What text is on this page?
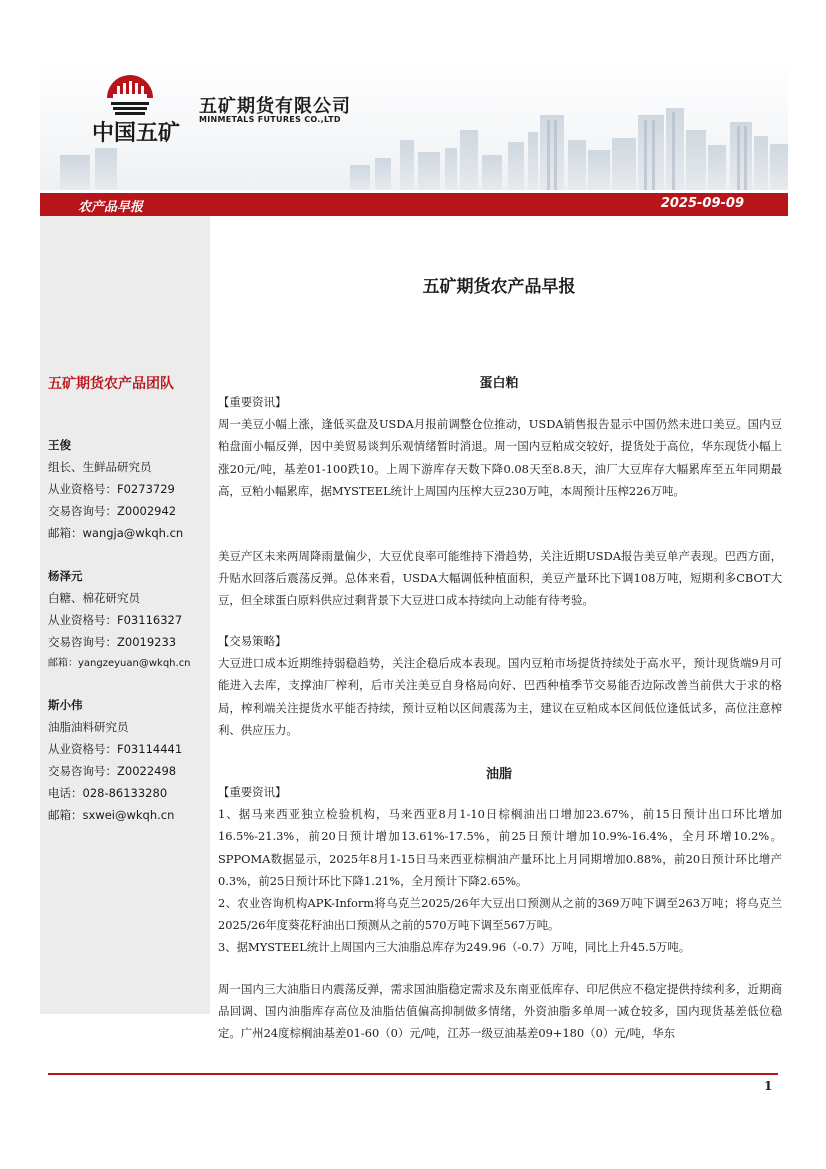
中国五矿
五矿期货有限公司
MINMETALS FUTURES CO.,LTD
农产品早报	2025-09-09
五矿期货农产品团队
王俊
组长、生鲜品研究员
从业资格号：F0273729
交易咨询号：Z0002942
邮箱：wangja@wkqh.cn
杨泽元
白糖、棉花研究员
从业资格号：F03116327
交易咨询号：Z0019233
邮箱：yangzeyuan@wkqh.cn
斯小伟
油脂油料研究员
从业资格号：F03114441
交易咨询号：Z0022498
电话：028-86133280
邮箱：sxwei@wkqh.cn
五矿期货农产品早报
蛋白粕

【重要资讯】

周一美豆小幅上涨，逢低买盘及USDA月报前调整仓位推动，USDA销售报告显示中国仍然未进口美豆。国内豆粕盘面小幅反弹，因中美贸易谈判乐观情绪暂时消退。周一国内豆粕成交较好，提货处于高位，华东现货小幅上涨20元/吨，基差01-100跌10。上周下游库存天数下降0.08天至8.8天，油厂大豆库存大幅累库至五年同期最高，豆粕小幅累库，据MYSTEEL统计上周国内压榨大豆230万吨，本周预计压榨226万吨。

美豆产区未来两周降雨量偏少，大豆优良率可能维持下滑趋势，关注近期USDA报告美豆单产表现。巴西方面，升贴水回落后震荡反弹。总体来看，USDA大幅调低种植面积，美豆产量环比下调108万吨，短期利多CBOT大豆，但全球蛋白原料供应过剩背景下大豆进口成本持续向上动能有待考验。

【交易策略】

大豆进口成本近期维持弱稳趋势，关注企稳后成本表现。国内豆粕市场提货持续处于高水平，预计现货端9月可能进入去库，支撑油厂榨利，后市关注美豆自身格局向好、巴西种植季节交易能否边际改善当前供大于求的格局，榨利端关注提货水平能否持续，预计豆粕以区间震荡为主，建议在豆粕成本区间低位逢低试多，高位注意榨利、供应压力。

油脂

【重要资讯】

1、据马来西亚独立检验机构，马来西亚8月1-10日棕榈油出口增加23.67%，前15日预计出口环比增加16.5%-21.3%，前20日预计增加13.61%-17.5%，前25日预计增加10.9%-16.4%，全月环增10.2%。SPPOMA数据显示，2025年8月1-15日马来西亚棕榈油产量环比上月同期增加0.88%，前20日预计环比增产0.3%，前25日预计环比下降1.21%，全月预计下降2.65%。

2、农业咨询机构APK-Inform将乌克兰2025/26年大豆出口预测从之前的369万吨下调至263万吨；将乌克兰2025/26年度葵花籽油出口预测从之前的570万吨下调至567万吨。

3、据MYSTEEL统计上周国内三大油脂总库存为249.96（-0.7）万吨，同比上升45.5万吨。

周一国内三大油脂日内震荡反弹，需求国油脂稳定需求及东南亚低库存、印尼供应不稳定提供持续利多，近期商品回调、国内油脂库存高位及油脂估值偏高抑制做多情绪，外资油脂多单周一减仓较多，国内现货基差低位稳定。广州24度棕榈油基差01-60（0）元/吨，江苏一级豆油基差09+180（0）元/吨，华东

1
